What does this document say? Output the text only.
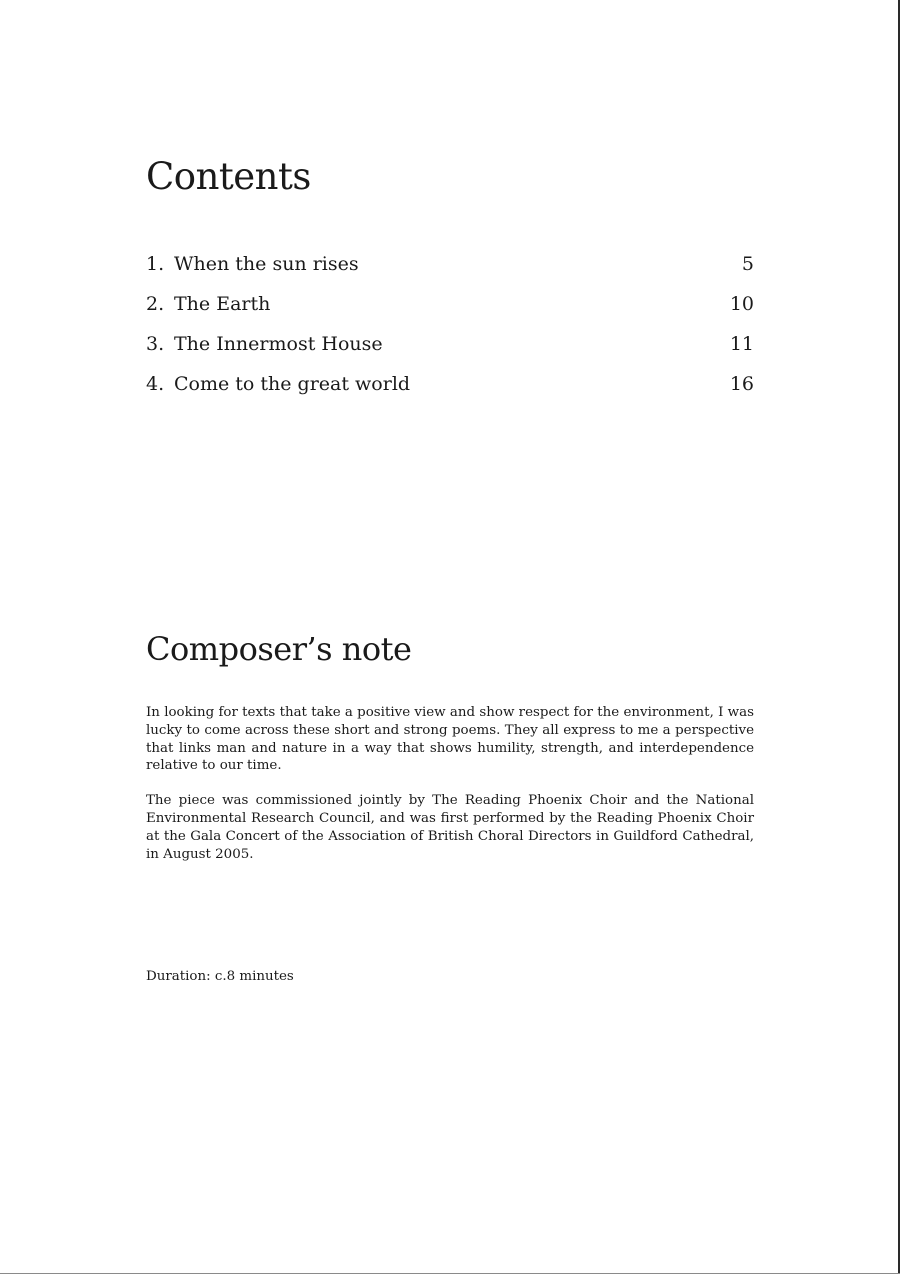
Contents
1. When the sun rises	5
2. The Earth	10
3. The Innermost House	11
4. Come to the great world	16
Composer’s note

In looking for texts that take a positive view and show respect for the environment, I was lucky to come across these short and strong poems. They all express to me a perspective that links man and nature in a way that shows humility, strength, and interdependence relative to our time.

The piece was commissioned jointly by The Reading Phoenix Choir and the National Environmental Research Council, and was first performed by the Reading Phoenix Choir at the Gala Concert of the Association of British Choral Directors in Guildford Cathedral, in August 2005.

Duration: c.8 minutes
